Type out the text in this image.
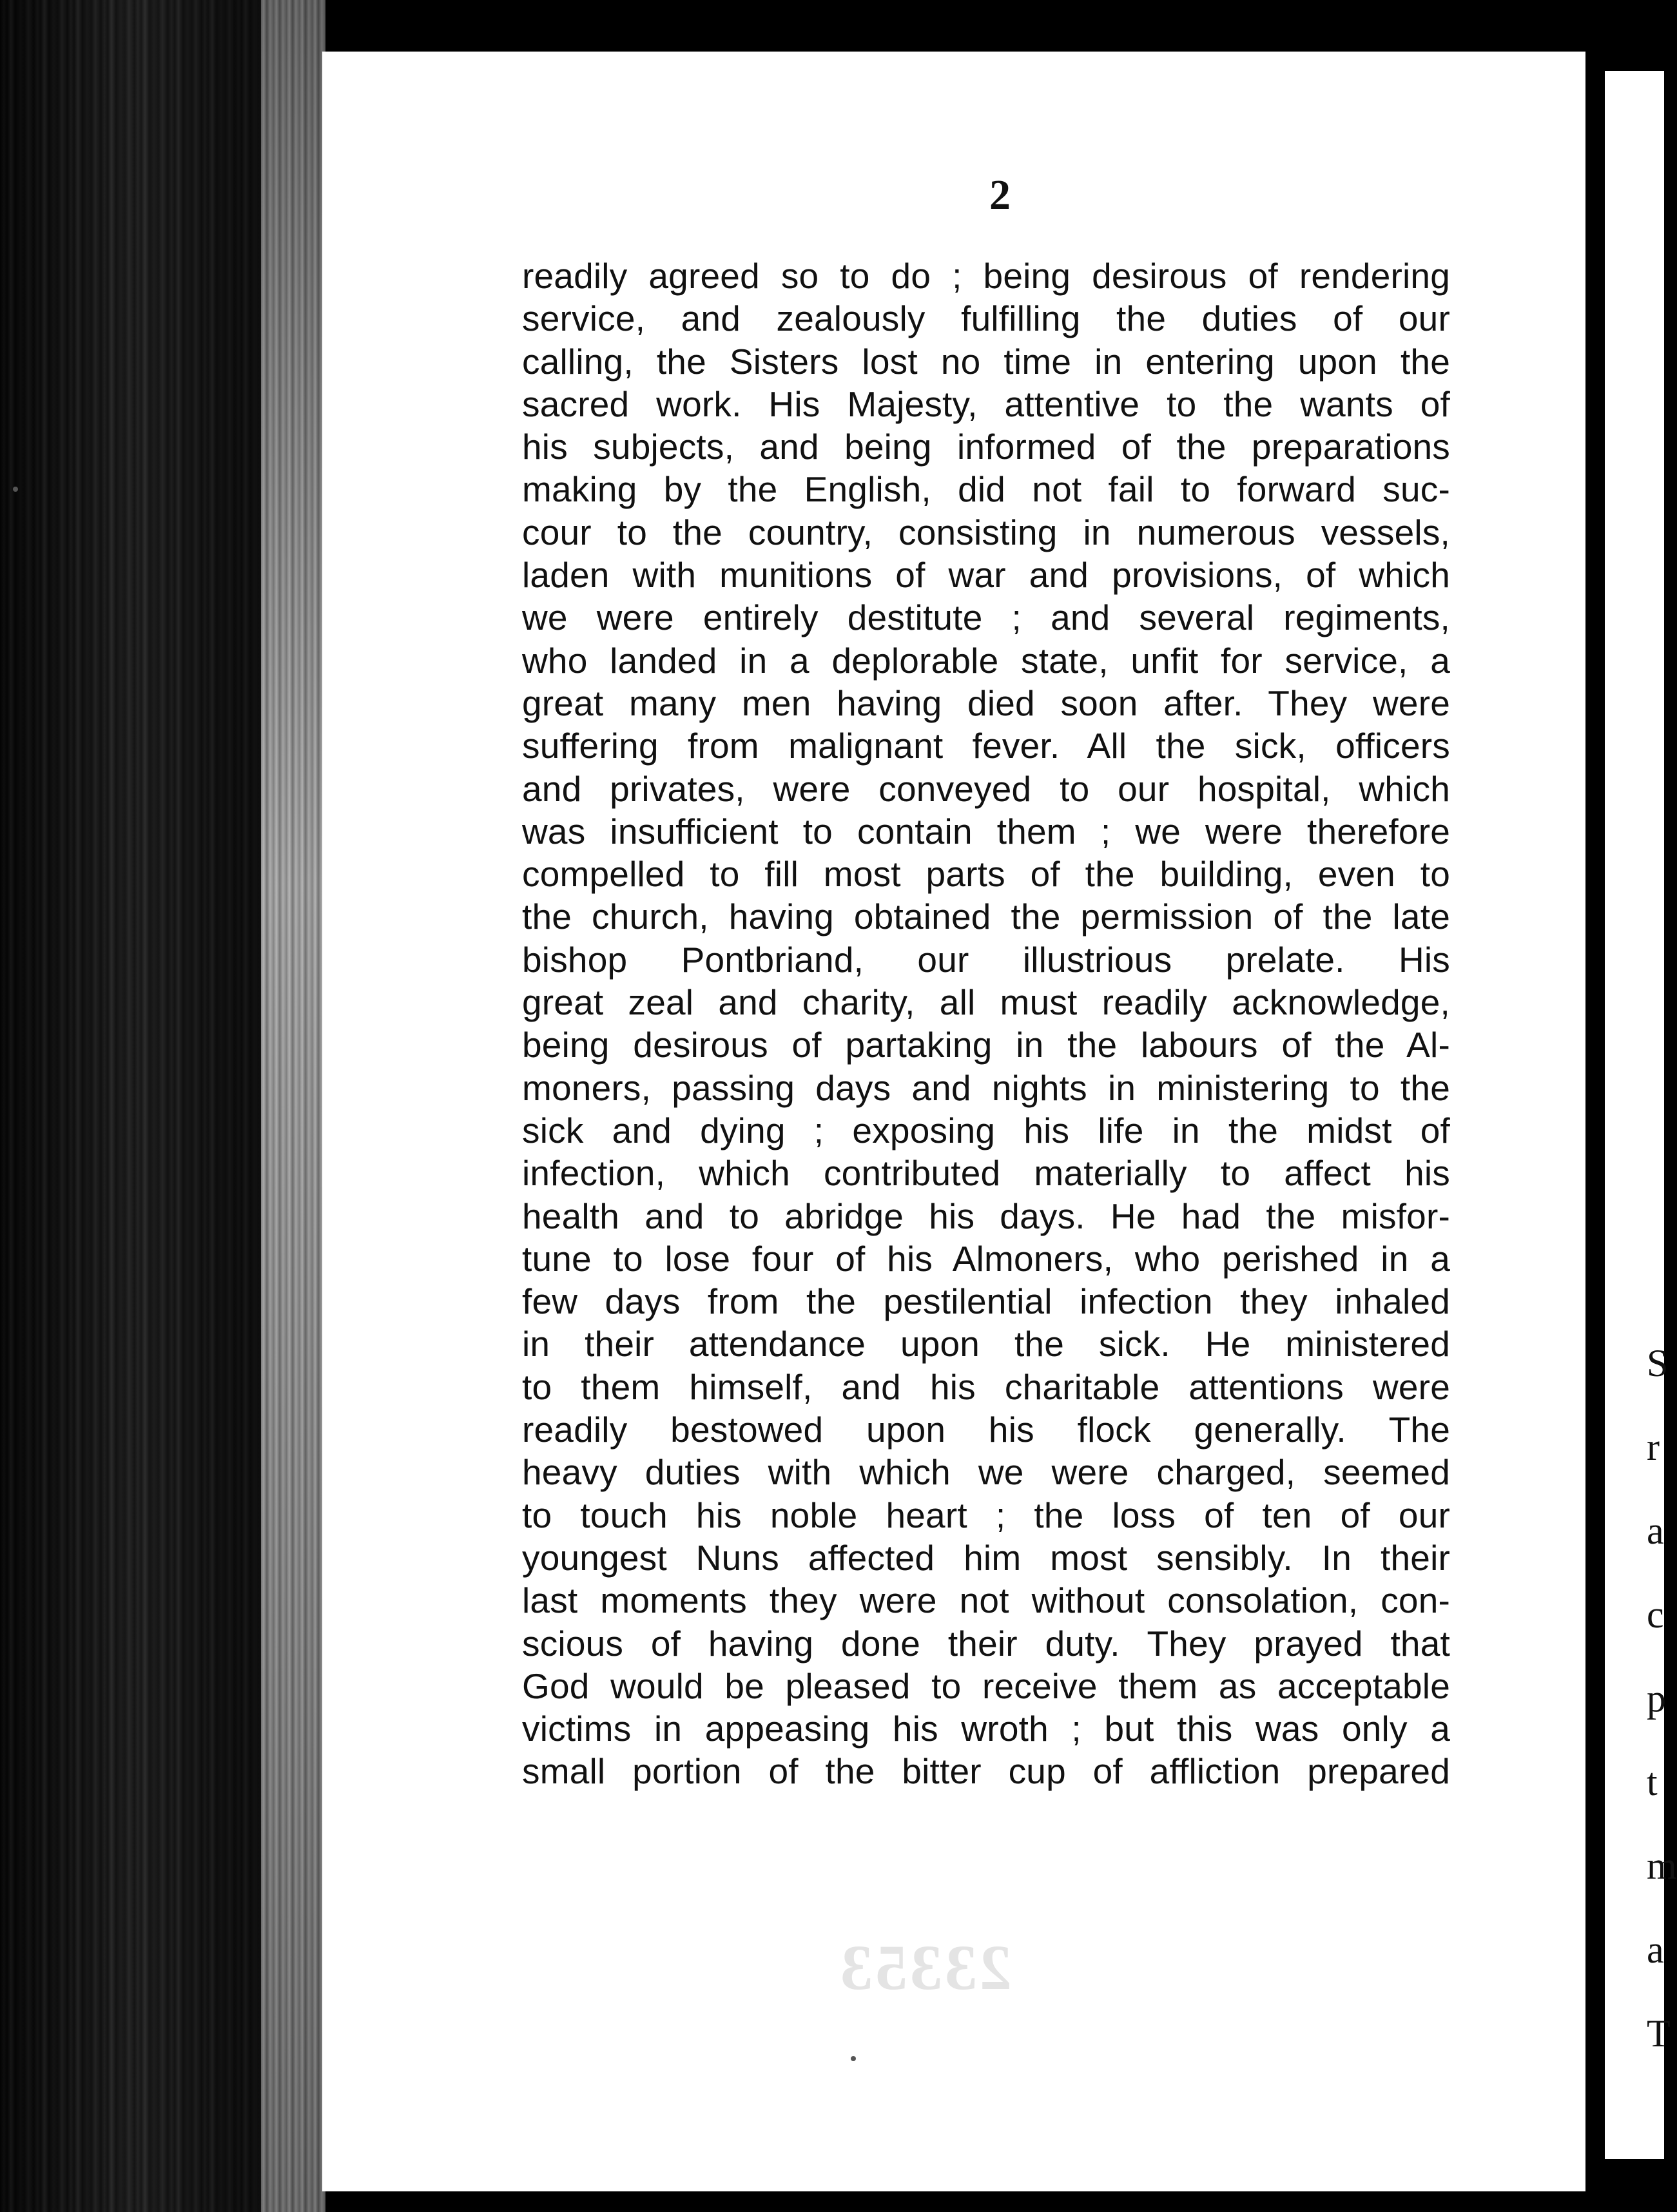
S
r
a
c
p
t
m
a
T
2
readily agreed so to do ; being desirous of rendering
service, and zealously fulfilling the duties of our
calling, the Sisters lost no time in entering upon the
sacred work. His Majesty, attentive to the wants of
his subjects, and being informed of the preparations
making by the English, did not fail to forward suc-
cour to the country, consisting in numerous vessels,
laden with munitions of war and provisions, of which
we were entirely destitute ; and several regiments,
who landed in a deplorable state, unfit for service, a
great many men having died soon after. They were
suffering from malignant fever. All the sick, officers
and privates, were conveyed to our hospital, which
was insufficient to contain them ; we were therefore
compelled to fill most parts of the building, even to
the church, having obtained the permission of the late
bishop Pontbriand, our illustrious prelate. His
great zeal and charity, all must readily acknowledge,
being desirous of partaking in the labours of the Al-
moners, passing days and nights in ministering to the
sick and dying ; exposing his life in the midst of
infection, which contributed materially to affect his
health and to abridge his days. He had the misfor-
tune to lose four of his Almoners, who perished in a
few days from the pestilential infection they inhaled
in their attendance upon the sick. He ministered
to them himself, and his charitable attentions were
readily bestowed upon his flock generally. The
heavy duties with which we were charged, seemed
to touch his noble heart ; the loss of ten of our
youngest Nuns affected him most sensibly. In their
last moments they were not without consolation, con-
scious of having done their duty. They prayed that
God would be pleased to receive them as acceptable
victims in appeasing his wroth ; but this was only a
small portion of the bitter cup of affliction prepared
23353
